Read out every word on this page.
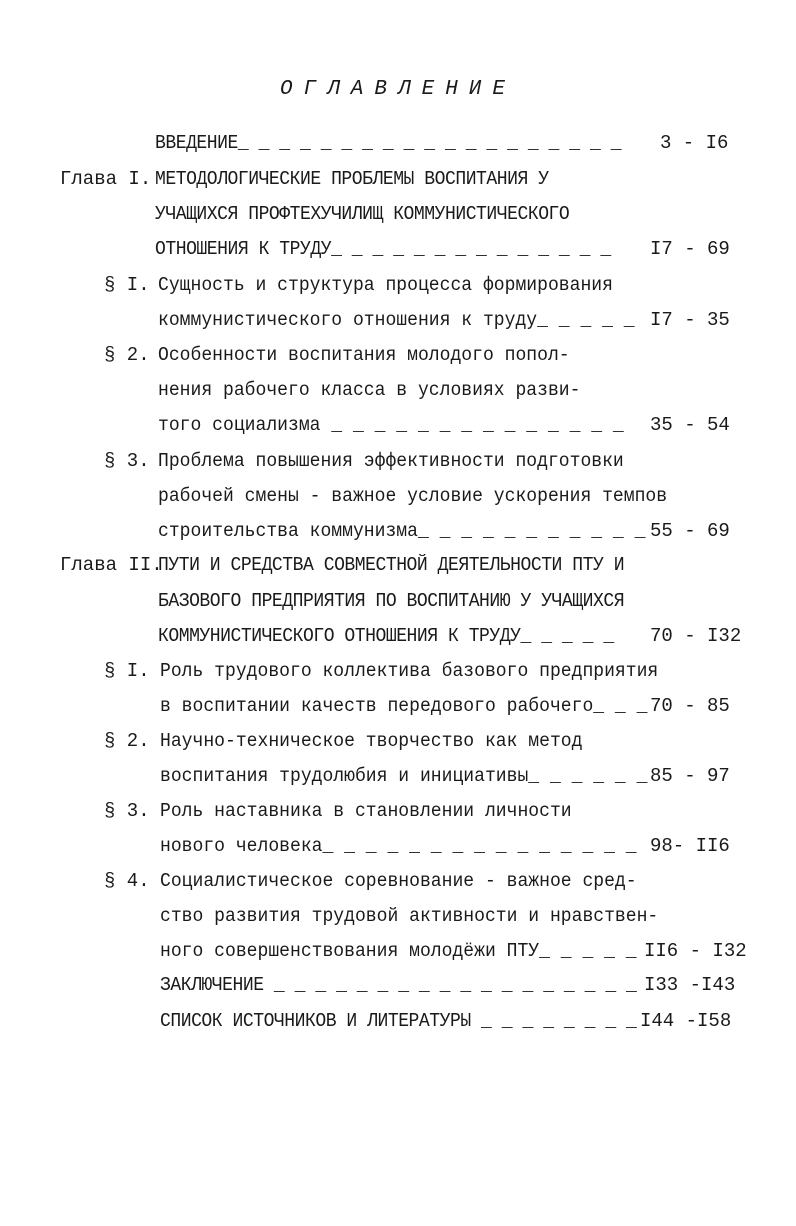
ОГЛАВЛЕНИЕ
ВВЕДЕНИЕ_ _ _ _ _ _ _ _ _ _ _ _ _ _ _ _ _ _ _ 3 - I6
Глава I. МЕТОДОЛОГИЧЕСКИЕ ПРОБЛЕМЫ ВОСПИТАНИЯ У
УЧАЩИХСЯ ПРОФТЕХУЧИЛИЩ КОММУНИСТИЧЕСКОГО
ОТНОШЕНИЯ К ТРУДУ_ _ _ _ _ _ _ _ _ _ _ _ _ _ I7 - 69
§ I. Сущность и структура процесса формирования
коммунистического отношения к труду_ _ _ _ _ I7 - 35
§ 2. Особенности воспитания молодого попол-
нения рабочего класса в условиях разви-
того социализма _ _ _ _ _ _ _ _ _ _ _ _ _ _ 35 - 54
§ 3. Проблема повышения эффективности подготовки
рабочей смены - важное условие ускорения темпов
строительства коммунизма_ _ _ _ _ _ _ _ _ _ _ 55 - 69
Глава II.
ПУТИ И СРЕДСТВА СОВМЕСТНОЙ ДЕЯТЕЛЬНОСТИ ПТУ И
БАЗОВОГО ПРЕДПРИЯТИЯ ПО ВОСПИТАНИЮ У УЧАЩИХСЯ
КОММУНИСТИЧЕСКОГО ОТНОШЕНИЯ К ТРУДУ_ _ _ _ _ 70 - I32
§ I. Роль трудового коллектива базового предприятия
в воспитании качеств передового рабочего_ _ _ 70 - 85
§ 2. Научно-техническое творчество как метод
воспитания трудолюбия и инициативы_ _ _ _ _ _ 85 - 97
§ 3. Роль наставника в становлении личности
нового человека_ _ _ _ _ _ _ _ _ _ _ _ _ _ _ 98- II6
§ 4. Социалистическое соревнование - важное сред-
ство развития трудовой активности и нравствен-
ного совершенствования молодёжи ПТУ_ _ _ _ _ II6 - I32
ЗАКЛЮЧЕНИЕ _ _ _ _ _ _ _ _ _ _ _ _ _ _ _ _ _ _ I33 -I43
СПИСОК ИСТОЧНИКОВ И ЛИТЕРАТУРЫ _ _ _ _ _ _ _ _ I44 -I58
